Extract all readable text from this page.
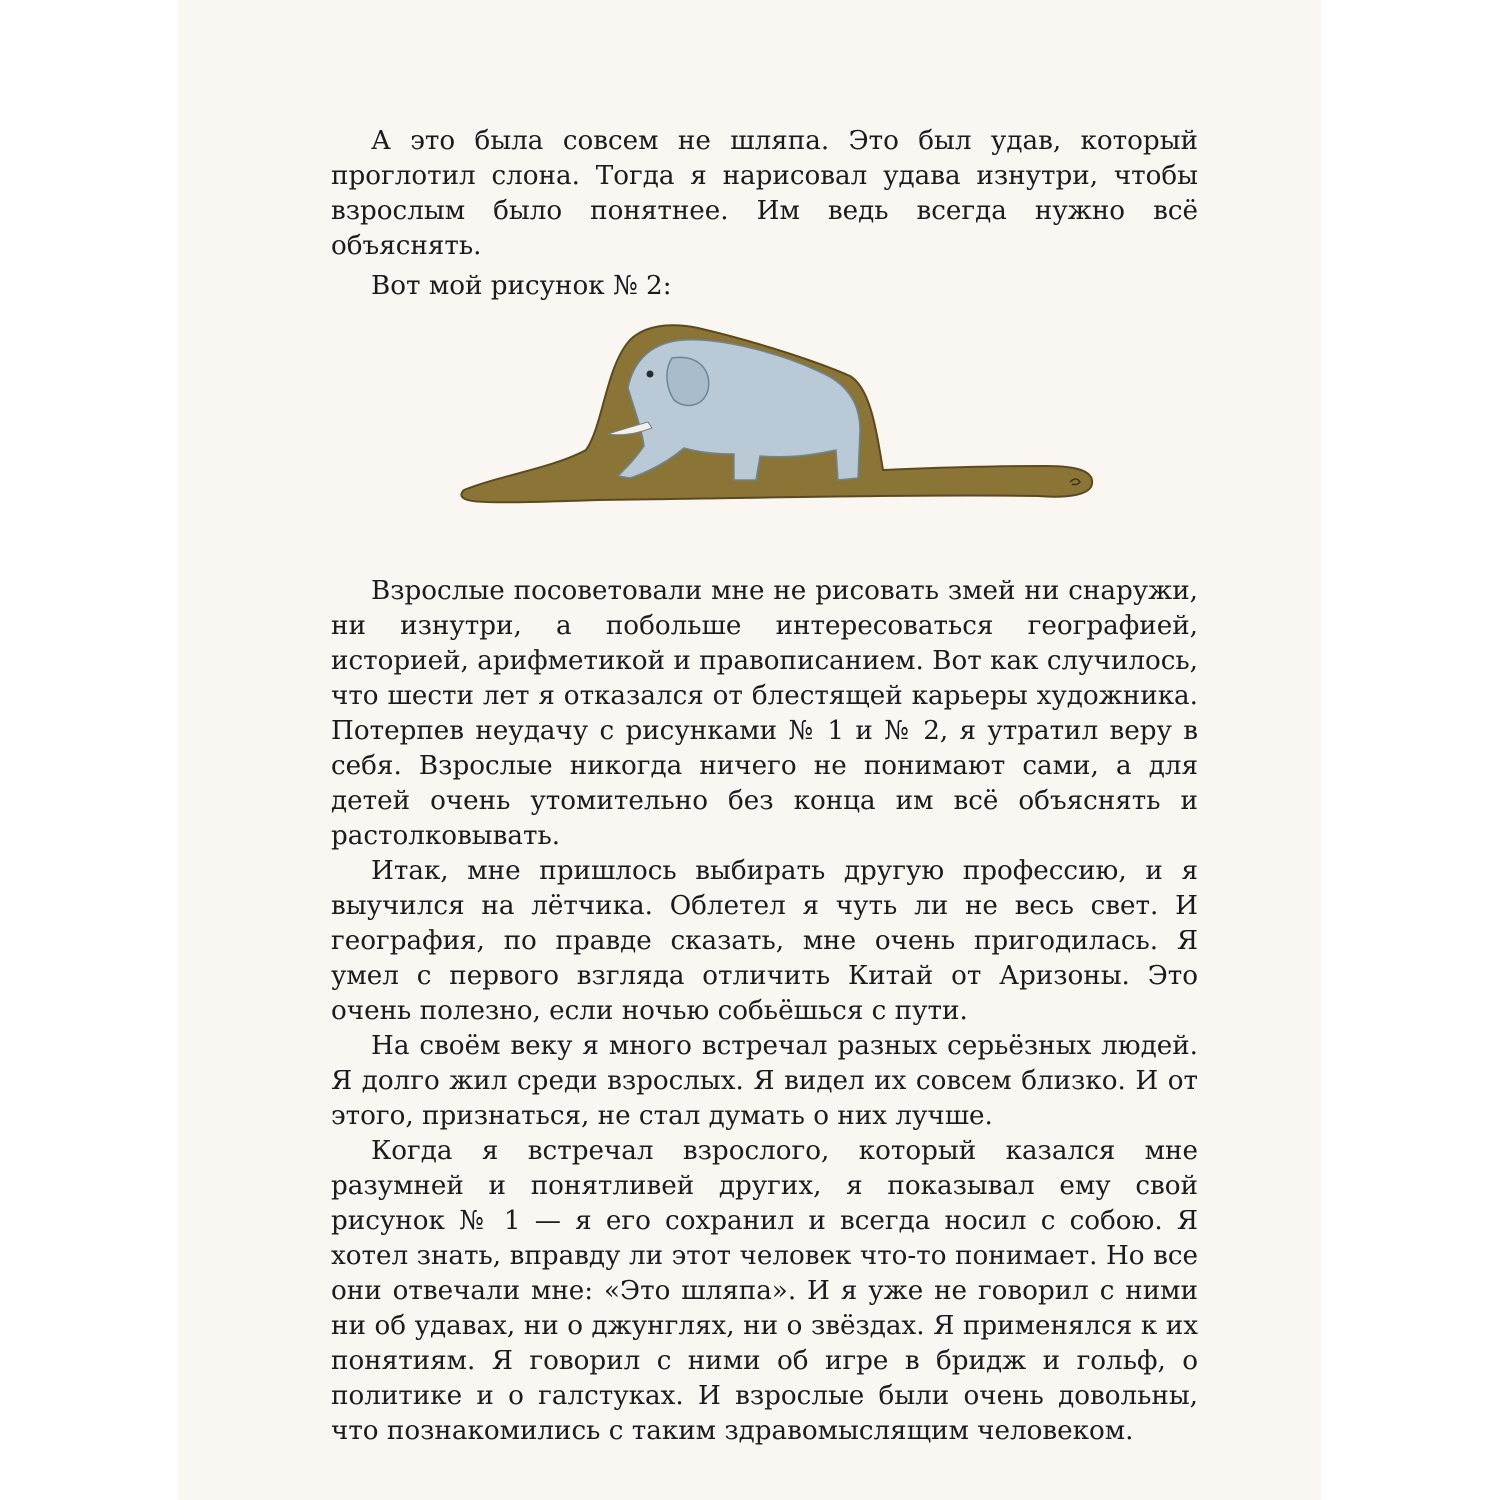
А это была совсем не шляпа. Это был удав, который проглотил слона. Тогда я нарисовал удава изнутри, чтобы взрослым было понятнее. Им ведь всегда нужно всё объяснять.

Вот мой рисунок № 2:

Взрослые посоветовали мне не рисовать змей ни снаружи, ни изнутри, а побольше интересоваться географией, историей, арифметикой и правописанием. Вот как случилось, что шести лет я отказался от блестящей карьеры художника. Потерпев неудачу с рисунками № 1 и № 2, я утратил веру в себя. Взрослые никогда ничего не понимают сами, а для детей очень утомительно без конца им всё объяснять и растолковывать.

Итак, мне пришлось выбирать другую профессию, и я выучился на лётчика. Облетел я чуть ли не весь свет. И география, по правде сказать, мне очень пригодилась. Я умел с первого взгляда отличить Китай от Аризоны. Это очень полезно, если ночью собьёшься с пути.

На своём веку я много встречал разных серьёзных людей. Я долго жил среди взрослых. Я видел их совсем близко. И от этого, признаться, не стал думать о них лучше.

Когда я встречал взрослого, который казался мне разумней и понятливей других, я показывал ему свой рисунок № 1 — я его сохранил и всегда носил с собою. Я хотел знать, вправду ли этот человек что-то понимает. Но все они отвечали мне: «Это шляпа». И я уже не говорил с ними ни об удавах, ни о джунглях, ни о звёздах. Я применялся к их понятиям. Я говорил с ними об игре в бридж и гольф, о политике и о галстуках. И взрослые были очень довольны, что познакомились с таким здравомыслящим человеком.
